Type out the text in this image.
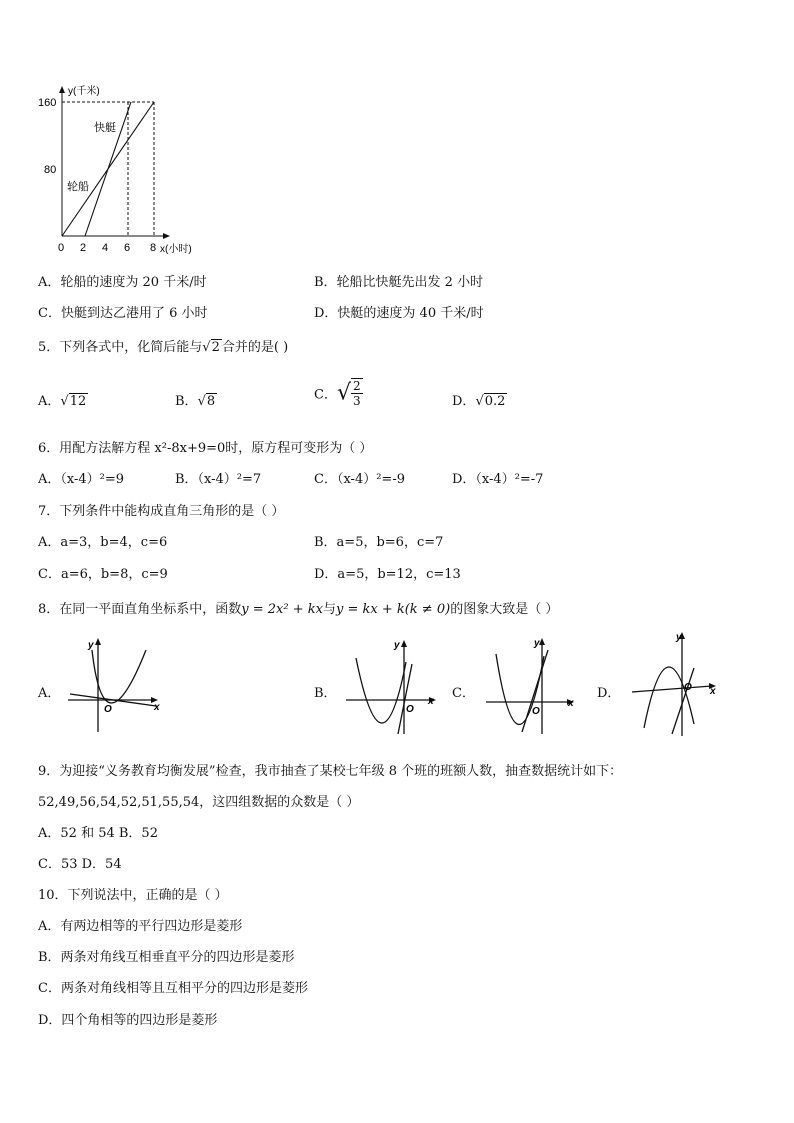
y(千米)
160
80
0 2 4 6 8 x(小时)
快艇
轮船
A．轮船的速度为 20 千米/时	B．轮船比快艇先出发 2 小时
C．快艇到达乙港用了 6 小时	D．快艇的速度为 40 千米/时
5．下列各式中，化简后能与√2 合并的是( )
A．√12	B．√8	C．√ $\frac{2}{3}$	D．√0.2
6．用配方法解方程 x²-8x+9=0时，原方程可变形为（ ）
A．（x-4）²=9	B．（x-4）²=7	C．（x-4）²=-9	D．（x-4）²=-7
7．下列条件中能构成直角三角形的是（ ）
A．a=3，b=4，c=6	B．a=5，b=6，c=7
C．a=6，b=8，c=9	D．a=5，b=12，c=13
8．在同一平面直角坐标系中，函数y = 2x² + kx与y = kx + k(k ≠ 0)的图象大致是（ ）
A．	B．	C．	D．
y
x
O
y
x
O
y
x
O
y
x
O
9．为迎接“义务教育均衡发展”检查，我市抽查了某校七年级 8 个班的班额人数，抽查数据统计如下：
52,49,56,54,52,51,55,54，这四组数据的众数是（ ）
A．52 和 54 B．52
C．53 D．54
10．下列说法中，正确的是（ ）
A．有两边相等的平行四边形是菱形
B．两条对角线互相垂直平分的四边形是菱形
C．两条对角线相等且互相平分的四边形是菱形
D．四个角相等的四边形是菱形
